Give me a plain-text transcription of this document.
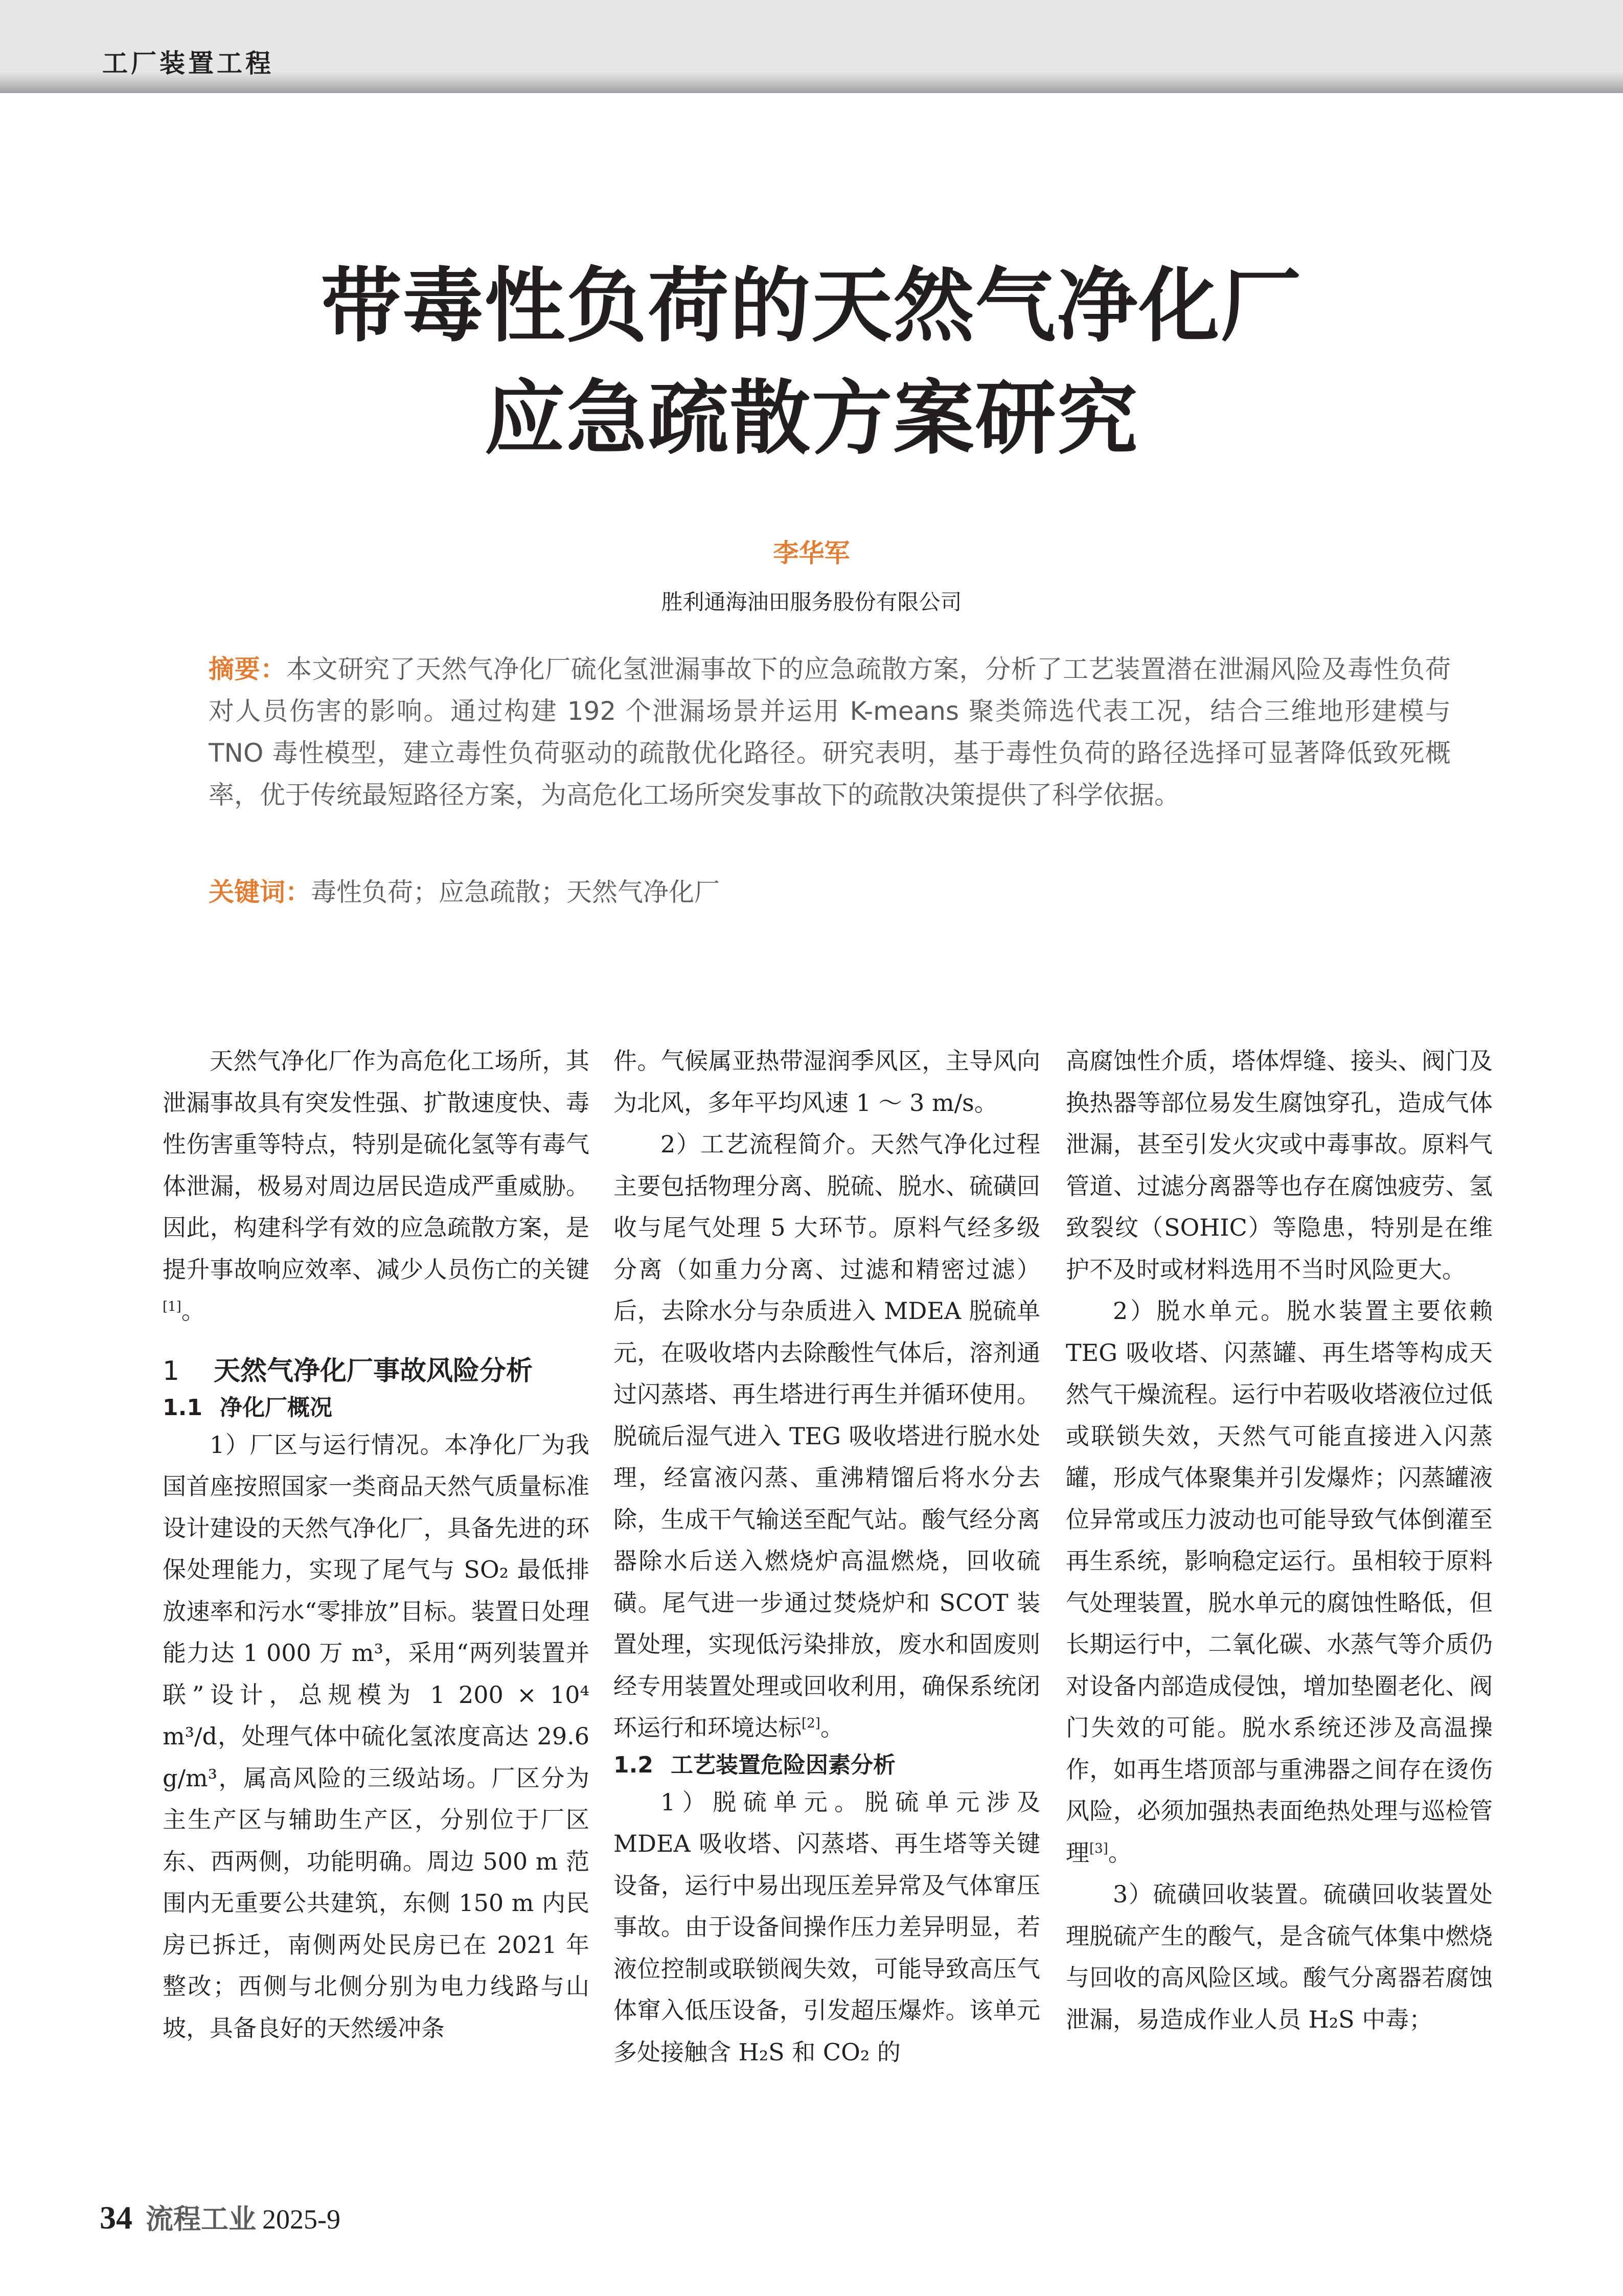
工厂装置工程
带毒性负荷的天然气净化厂
应急疏散方案研究
李华军
胜利通海油田服务股份有限公司
摘要：本文研究了天然气净化厂硫化氢泄漏事故下的应急疏散方案，分析了工艺装置潜在泄漏风险及毒性负荷对人员伤害的影响。通过构建 192 个泄漏场景并运用 K-means 聚类筛选代表工况，结合三维地形建模与 TNO 毒性模型，建立毒性负荷驱动的疏散优化路径。研究表明，基于毒性负荷的路径选择可显著降低致死概率，优于传统最短路径方案，为高危化工场所突发事故下的疏散决策提供了科学依据。
关键词：毒性负荷；应急疏散；天然气净化厂

天然气净化厂作为高危化工场所，其泄漏事故具有突发性强、扩散速度快、毒性伤害重等特点，特别是硫化氢等有毒气体泄漏，极易对周边居民造成严重威胁。因此，构建科学有效的应急疏散方案，是提升事故响应效率、减少人员伤亡的关键[1]。

1 天然气净化厂事故风险分析
1.1 净化厂概况

1）厂区与运行情况。本净化厂为我国首座按照国家一类商品天然气质量标准设计建设的天然气净化厂，具备先进的环保处理能力，实现了尾气与 SO₂ 最低排放速率和污水“零排放”目标。装置日处理能力达 1 000 万 m³，采用“两列装置并联”设计，总规模为 1 200 × 10⁴ m³/d，处理气体中硫化氢浓度高达 29.6 g/m³，属高风险的三级站场。厂区分为主生产区与辅助生产区，分别位于厂区东、西两侧，功能明确。周边 500 m 范围内无重要公共建筑，东侧 150 m 内民房已拆迁，南侧两处民房已在 2021 年整改；西侧与北侧分别为电力线路与山坡，具备良好的天然缓冲条

件。气候属亚热带湿润季风区，主导风向为北风，多年平均风速 1 ～ 3 m/s。

2）工艺流程简介。天然气净化过程主要包括物理分离、脱硫、脱水、硫磺回收与尾气处理 5 大环节。原料气经多级分离（如重力分离、过滤和精密过滤）后，去除水分与杂质进入 MDEA 脱硫单元，在吸收塔内去除酸性气体后，溶剂通过闪蒸塔、再生塔进行再生并循环使用。脱硫后湿气进入 TEG 吸收塔进行脱水处理，经富液闪蒸、重沸精馏后将水分去除，生成干气输送至配气站。酸气经分离器除水后送入燃烧炉高温燃烧，回收硫磺。尾气进一步通过焚烧炉和 SCOT 装置处理，实现低污染排放，废水和固废则经专用装置处理或回收利用，确保系统闭环运行和环境达标[2]。

1.2 工艺装置危险因素分析

1）脱硫单元。脱硫单元涉及 MDEA 吸收塔、闪蒸塔、再生塔等关键设备，运行中易出现压差异常及气体窜压事故。由于设备间操作压力差异明显，若液位控制或联锁阀失效，可能导致高压气体窜入低压设备，引发超压爆炸。该单元多处接触含 H₂S 和 CO₂ 的

高腐蚀性介质，塔体焊缝、接头、阀门及换热器等部位易发生腐蚀穿孔，造成气体泄漏，甚至引发火灾或中毒事故。原料气管道、过滤分离器等也存在腐蚀疲劳、氢致裂纹（SOHIC）等隐患，特别是在维护不及时或材料选用不当时风险更大。

2）脱水单元。脱水装置主要依赖 TEG 吸收塔、闪蒸罐、再生塔等构成天然气干燥流程。运行中若吸收塔液位过低或联锁失效，天然气可能直接进入闪蒸罐，形成气体聚集并引发爆炸；闪蒸罐液位异常或压力波动也可能导致气体倒灌至再生系统，影响稳定运行。虽相较于原料气处理装置，脱水单元的腐蚀性略低，但长期运行中，二氧化碳、水蒸气等介质仍对设备内部造成侵蚀，增加垫圈老化、阀门失效的可能。脱水系统还涉及高温操作，如再生塔顶部与重沸器之间存在烫伤风险，必须加强热表面绝热处理与巡检管理[3]。

3）硫磺回收装置。硫磺回收装置处理脱硫产生的酸气，是含硫气体集中燃烧与回收的高风险区域。酸气分离器若腐蚀泄漏，易造成作业人员 H₂S 中毒；

34 流程工业 2025-9
